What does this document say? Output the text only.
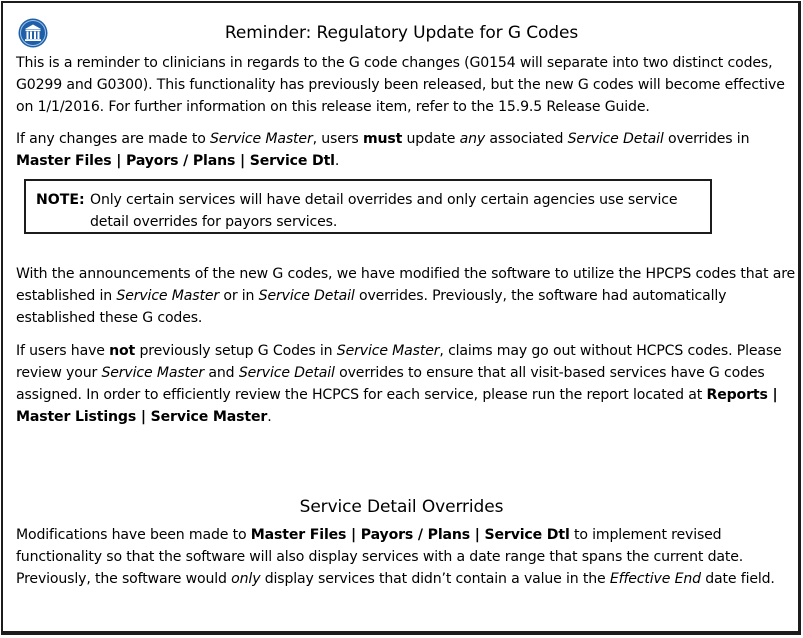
Reminder: Regulatory Update for G Codes
This is a reminder to clinicians in regards to the G code changes (G0154 will separate into two distinct codes, G0299 and G0300). This functionality has previously been released, but the new G codes will become effective on 1/1/2016. For further information on this release item, refer to the 15.9.5 Release Guide.
If any changes are made to Service Master, users must update any associated Service Detail overrides in Master Files | Payors / Plans | Service Dtl.
NOTE: Only certain services will have detail overrides and only certain agencies use service detail overrides for payors services.
With the announcements of the new G codes, we have modified the software to utilize the HPCPS codes that are established in Service Master or in Service Detail overrides. Previously, the software had automatically established these G codes.
If users have not previously setup G Codes in Service Master, claims may go out without HCPCS codes. Please review your Service Master and Service Detail overrides to ensure that all visit-based services have G codes assigned. In order to efficiently review the HCPCS for each service, please run the report located at Reports | Master Listings | Service Master.
Service Detail Overrides
Modifications have been made to Master Files | Payors / Plans | Service Dtl to implement revised functionality so that the software will also display services with a date range that spans the current date. Previously, the software would only display services that didn’t contain a value in the Effective End date field.
